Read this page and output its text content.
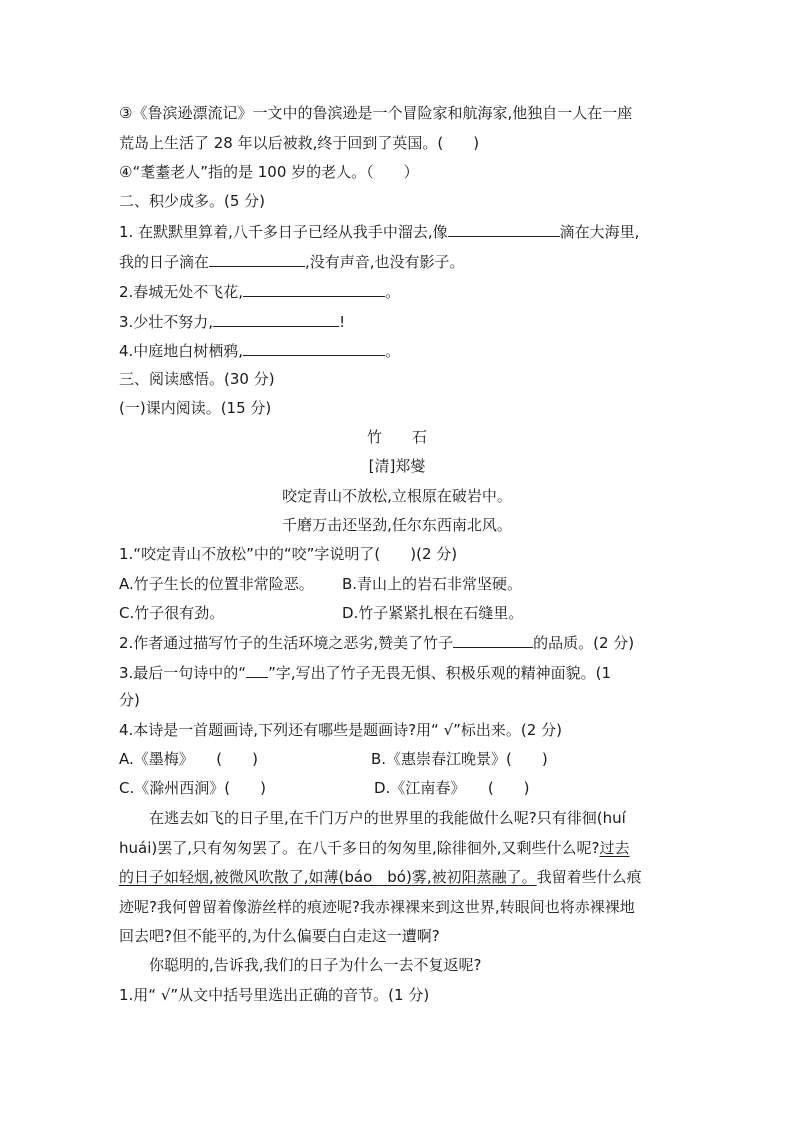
③《鲁滨逊漂流记》一文中的鲁滨逊是一个冒险家和航海家,他独自一人在一座
荒岛上生活了 28 年以后被救,终于回到了英国。(　　)
④“耄耋老人”指的是 100 岁的老人。（　　）
二、积少成多。(5 分)
1. 在默默里算着,八千多日子已经从我手中溜去,像	滴在大海里,
我的日子滴在	,没有声音,也没有影子。
2.春城无处不飞花,	。
3.少壮不努力,	!
4.中庭地白树栖鸦,	。
三、阅读感悟。(30 分)
(一)课内阅读。(15 分)
竹　　石
[清]郑燮
咬定青山不放松,立根原在破岩中。
千磨万击还坚劲,任尔东西南北风。
1.“咬定青山不放松”中的“咬”字说明了(　　)(2 分)
A.竹子生长的位置非常险恶。 B.青山上的岩石非常坚硬。
C.竹子很有劲。	D.竹子紧紧扎根在石缝里。
2.作者通过描写竹子的生活环境之恶劣,赞美了竹子	的品质。(2 分)
3.最后一句诗中的“ ”字,写出了竹子无畏无惧、积极乐观的精神面貌。(1
分)
4.本诗是一首题画诗,下列还有哪些是题画诗?用“ √”标出来。(2 分)
A.《墨梅》　　(　　)	B.《惠崇春江晚景》(　　)
C.《滁州西涧》(　　)	D.《江南春》　　(　　)
在逃去如飞的日子里,在千门万户的世界里的我能做什么呢?只有徘徊(huí
huái)罢了,只有匆匆罢了。在八千多日的匆匆里,除徘徊外,又剩些什么呢?过去
的日子如轻烟,被微风吹散了,如薄(báo　bó)雾,被初阳蒸融了。我留着些什么痕
迹呢?我何曾留着像游丝样的痕迹呢?我赤裸裸来到这世界,转眼间也将赤裸裸地
回去吧?但不能平的,为什么偏要白白走这一遭啊?
你聪明的,告诉我,我们的日子为什么一去不复返呢?
1.用“ √”从文中括号里选出正确的音节。(1 分)
